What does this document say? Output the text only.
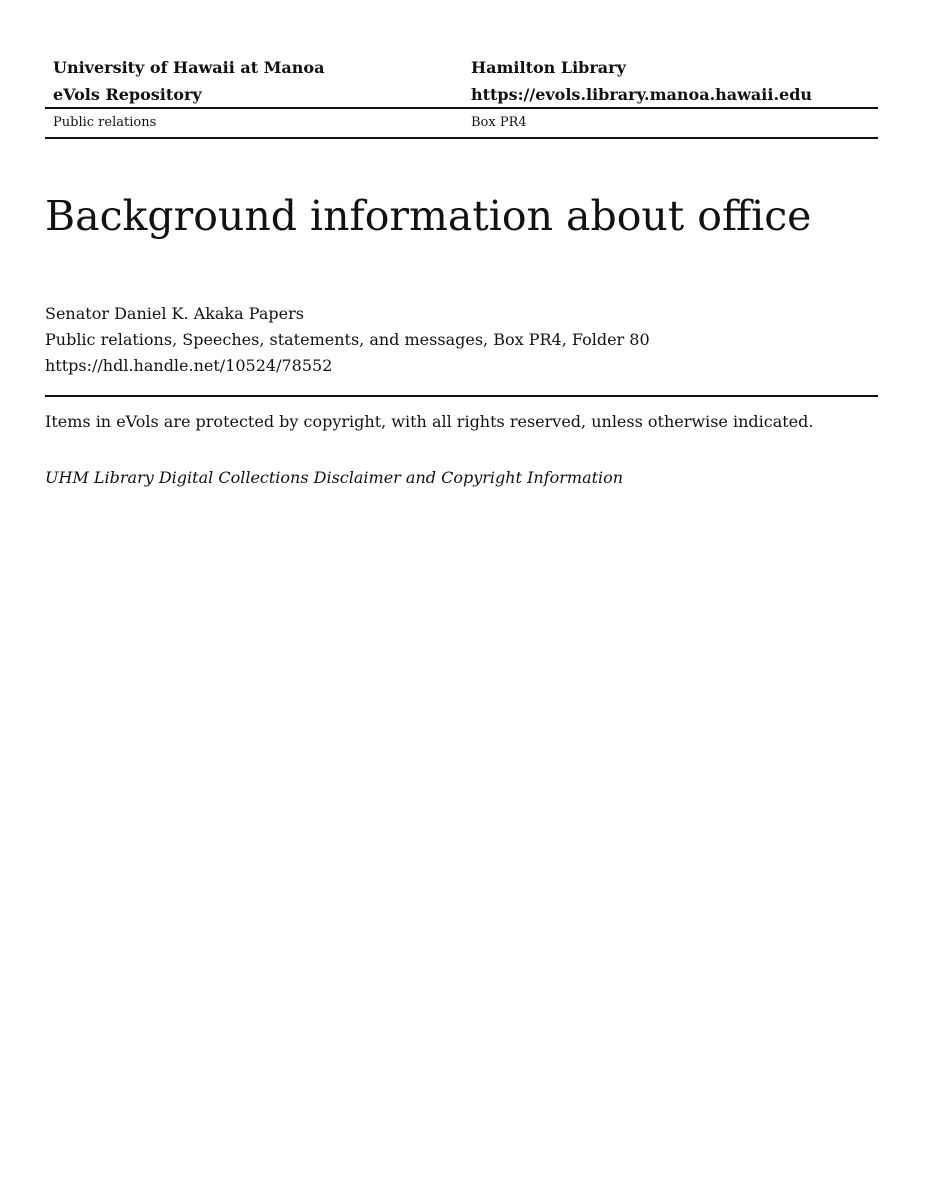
University of Hawaii at Manoa	Hamilton Library
eVols Repository	https://evols.library.manoa.hawaii.edu
Public relations	Box PR4
Background information about office
Senator Daniel K. Akaka Papers
Public relations, Speeches, statements, and messages, Box PR4, Folder 80
https://hdl.handle.net/10524/78552
Items in eVols are protected by copyright, with all rights reserved, unless otherwise indicated.
UHM Library Digital Collections Disclaimer and Copyright Information
